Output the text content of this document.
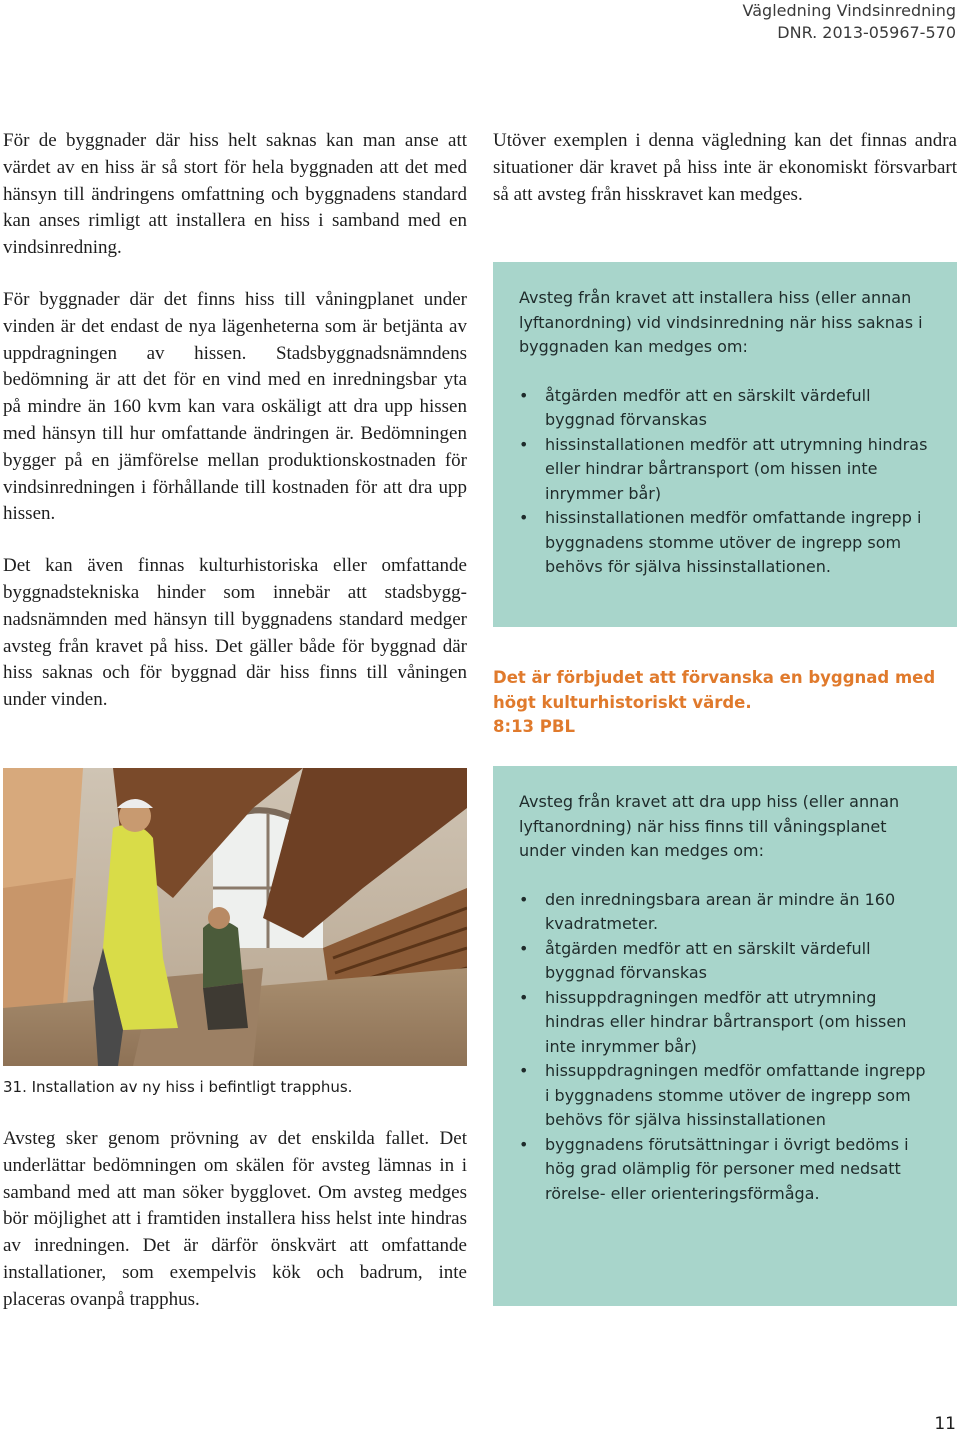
Vägledning Vindsinredning
DNR. 2013-05967-570

För de byggnader där hiss helt saknas kan man anse att värdet av en hiss är så stort för hela byggnaden att det med hänsyn till ändringens omfattning och byggnadens standard kan anses rimligt att installera en hiss i samband med en vindsinredning.

För byggnader där det finns hiss till våningplanet under vinden är det endast de nya lägenheterna som är betjänta av uppdragningen av hissen. Stadsbyggnadsnämndens bedömning är att det för en vind med en inredningsbar yta på mindre än 160 kvm kan vara oskäligt att dra upp hissen med hänsyn till hur omfattande ändringen är. Bedömningen bygger på en jämförelse mellan produktionskostnaden för vindsinredningen i förhållande till kostnaden för att dra upp hissen.

Det kan även finnas kulturhistoriska eller omfattande byggnadstekniska hinder som innebär att stadsbyggnadsnämnden med hänsyn till byggnadens standard medger avsteg från kravet på hiss. Det gäller både för byggnad där hiss saknas och för byggnad där hiss finns till våningen under vinden.

Utöver exemplen i denna vägledning kan det finnas andra situationer där kravet på hiss inte är ekonomiskt försvarbart så att avsteg från hisskravet kan medges.

Avsteg från kravet att installera hiss (eller annan lyftanordning) vid vindsinredning när hiss saknas i byggnaden kan medges om:

• åtgärden medför att en särskilt värdefull byggnad förvanskas
• hissinstallationen medför att utrymning hindras eller hindrar bårtransport (om hissen inte inrymmer bår)
• hissinstallationen medför omfattande ingrepp i byggnadens stomme utöver de ingrepp som behövs för själva hissinstallationen.
Det är förbjudet att förvanska en byggnad med
högt kulturhistoriskt värde.
8:13 PBL
31. Installation av ny hiss i befintligt trapphus.

Avsteg sker genom prövning av det enskilda fallet. Det underlättar bedömningen om skälen för avsteg lämnas in i samband med att man söker bygglovet. Om avsteg medges bör möjlighet att i framtiden installera hiss helst inte hindras av inredningen. Det är därför önskvärt att omfattande installationer, som exempelvis kök och badrum, inte placeras ovanpå trapphus.

Avsteg från kravet att dra upp hiss (eller annan lyftanordning) när hiss finns till våningsplanet under vinden kan medges om:

• den inredningsbara arean är mindre än 160 kvadratmeter.
• åtgärden medför att en särskilt värdefull byggnad förvanskas
• hissuppdragningen medför att utrymning hindras eller hindrar bårtransport (om hissen inte inrymmer bår)
• hissuppdragningen medför omfattande ingrepp i byggnadens stomme utöver de ingrepp som behövs för själva hissinstallationen
• byggnadens förutsättningar i övrigt bedöms i hög grad olämplig för personer med nedsatt rörelse- eller orienteringsförmåga.
11
